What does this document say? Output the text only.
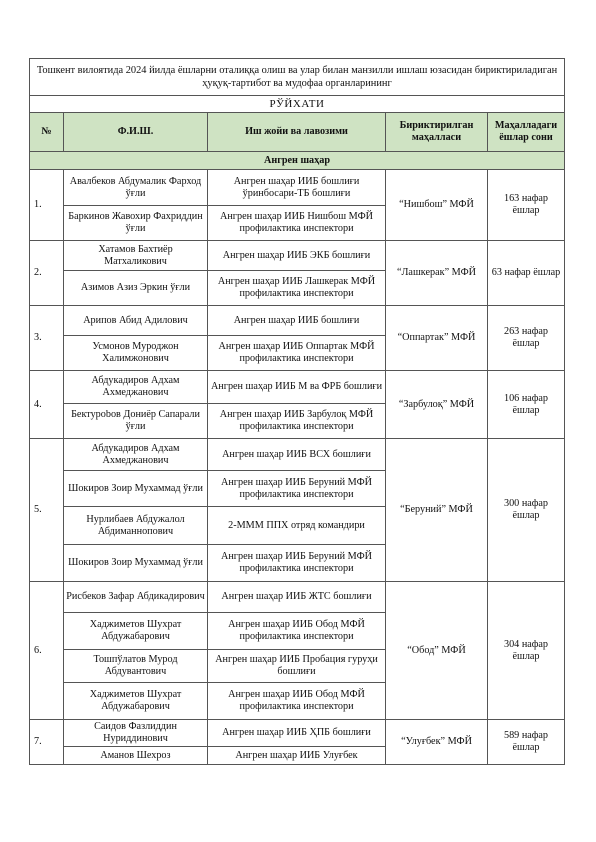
Тошкент вилоятида 2024 йилда ёшларни оталиққа олиш ва улар билан манзилли ишлаш юзасидан бириктириладиган ҳуқуқ-тартибот ва мудофаа органларининг				
РЎЙХАТИ				
№	Ф.И.Ш.	Иш жойи ва лавозими	Бириктирилган маҳалласи	Маҳалладаги ёшлар сони
Ангрен шаҳар				
1.	Авалбеков Абдумалик Фарход ўғли	Ангрен шаҳар ИИБ бошлиғи ўринбосари-ТБ бошлиғи	“Нишбош” МФЙ	163 нафар ёшлар
	Баркинов Жавохир Фахриддин ўғли	Ангрен шаҳар ИИБ Нишбош МФЙ профилактика инспектори		
2.	Хатамов Бахтиёр Матхаликович	Ангрен шаҳар ИИБ ЭКБ бошлиғи	“Лашкерак” МФЙ	63 нафар ёшлар
	Азимов Азиз Эркин ўғли	Ангрен шаҳар ИИБ Лашкерак МФЙ профилактика инспектори		
3.	Арипов Абид Адилович	Ангрен шаҳар ИИБ бошлиғи	“Оппартак” МФЙ	263 нафар ёшлар
	Усмонов Муроджон Халимжонович	Ангрен шаҳар ИИБ Оппартак МФЙ профилактика инспектори		
4.	Абдукадиров Адхам Ахмеджанович	Ангрен шаҳар ИИБ М ва ФРБ бошлиғи	“Зарбулоқ” МФЙ	106 нафар ёшлар
	Бектурobов Дониёр Сапарали ўғли	Ангрен шаҳар ИИБ Зарбулоқ МФЙ профилактика инспектори		
5.	Абдукадиров Адхам Ахмеджанович	Ангрен шаҳар ИИБ ВСХ бошлиғи	“Беруний” МФЙ	300 нафар ёшлар
	Шокиров Зоир Мухаммад ўғли	Ангрен шаҳар ИИБ Беруний МФЙ профилактика инспектори		
	Нурлибаев Абдужалол Абдиманнопович	2-МММ ППХ отряд командири		
	Шокиров Зоир Мухаммад ўғли	Ангрен шаҳар ИИБ Беруний МФЙ профилактика инспектори		
6.	Рисбеков Зафар Абдикадирович	Ангрен шаҳар ИИБ ЖТС бошлиғи	“Обод” МФЙ	304 нафар ёшлар
	Хаджиметов Шухрат Абдужабарович	Ангрен шаҳар ИИБ Обод МФЙ профилактика инспектори		
	Тошпўлатов Мурод Абдувантович	Ангрен шаҳар ИИБ Пробация гуруҳи бошлиғи		
	Хаджиметов Шухрат Абдужабарович	Ангрен шаҳар ИИБ Обод МФЙ профилактика инспектори		
7.	Саидов Фазлиддин Нуриддинович	Ангрен шаҳар ИИБ ҲПБ бошлиғи	“Улуғбек” МФЙ	589 нафар ёшлар
	Аманов Шехроз	Ангрен шаҳар ИИБ Улуғбек		
